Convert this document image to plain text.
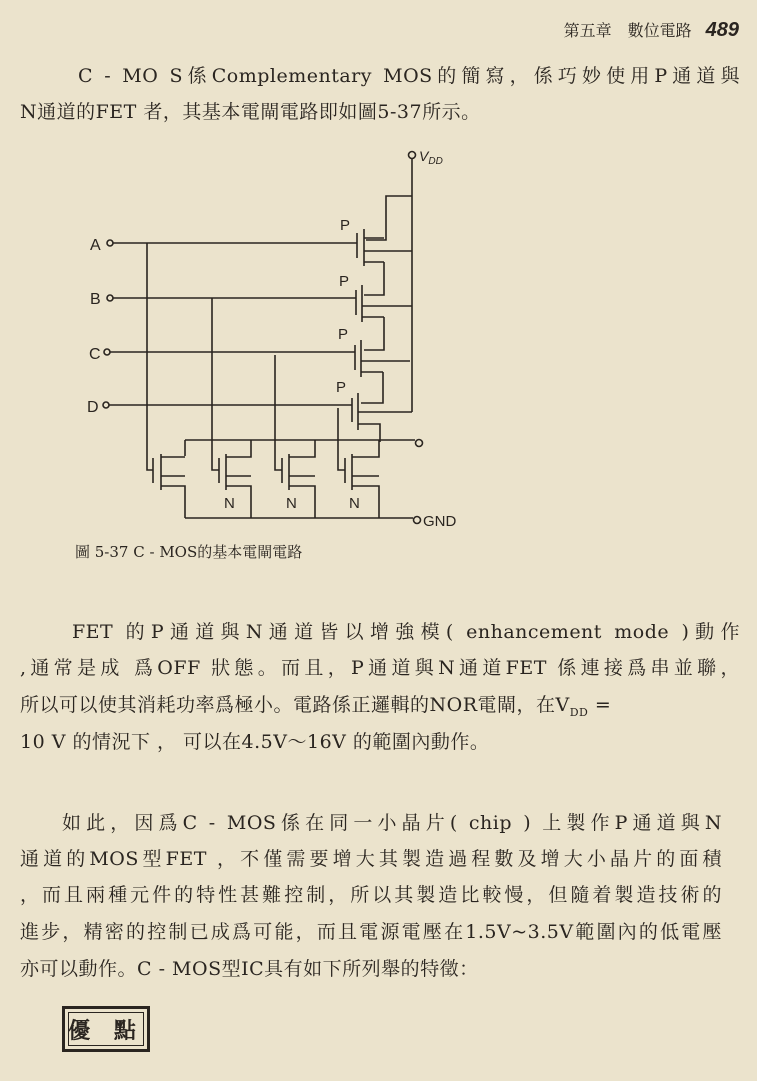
第五章　數位電路 489
C - MO S係Complementary MOS的簡寫，係巧妙使用P通道與
N通道的FET 者，其基本電閘電路即如圖5-37所示。
$V_{DD}$
A
B
C
D
P
P
P
P
N	N	N
GND
圖 5-37 C - MOS的基本電閘電路
FET 的P通道與N通道皆以增強模( enhancement mode )動作
,通常是成 爲OFF 狀態。而且，P通道與N通道FET 係連接爲串並聯，
所以可以使其消耗功率爲極小。電路係正邏輯的NOR電閘，在$V_{DD}$ =
10 V 的情況下 ， 可以在4.5V～16V 的範圍內動作。
如此，因爲C - MOS係在同一小晶片( chip ) 上製作P通道與N
通道的MOS型FET ，不僅需要增大其製造過程數及增大小晶片的面積
，而且兩種元件的特性甚難控制，所以其製造比較慢，但隨着製造技術的
進步，精密的控制已成爲可能，而且電源電壓在1.5V~3.5V範圍內的低電壓
亦可以動作。C - MOS型IC具有如下所列舉的特徵：
優 點
